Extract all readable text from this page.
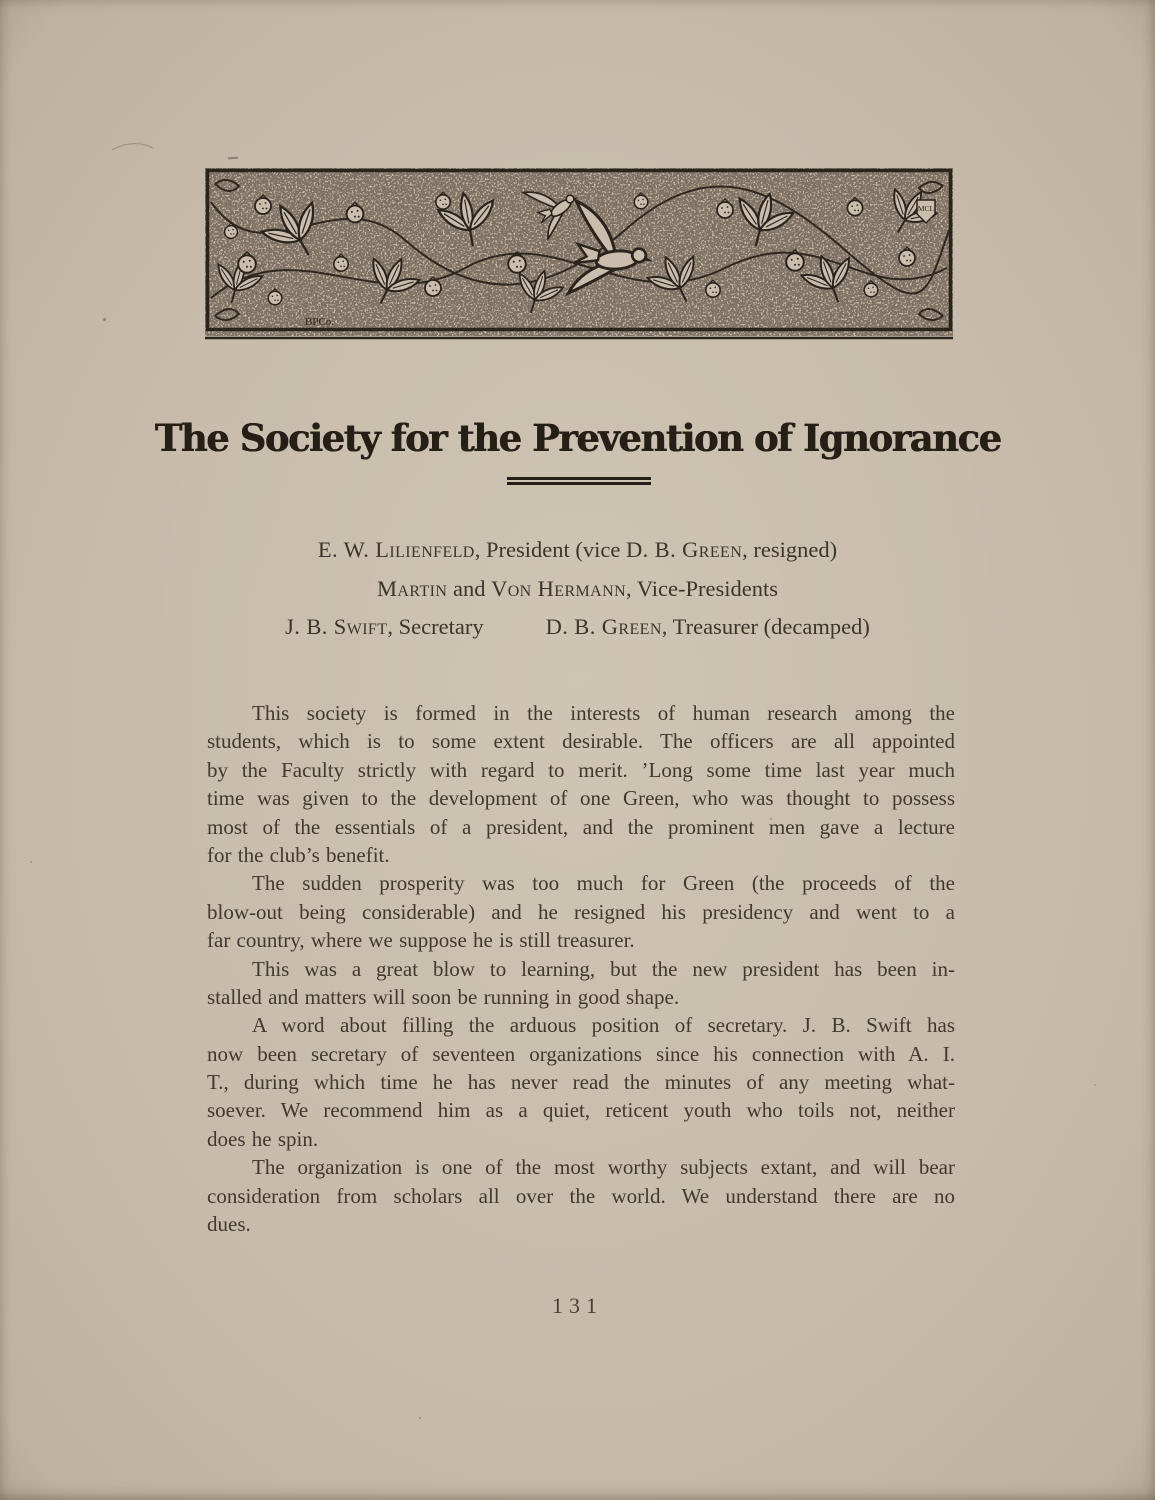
MCL
BPCo.
The Society for the Prevention of Ignorance
E. W. Lilienfeld, President (vice D. B. Green, resigned)
Martin and Von Hermann, Vice-Presidents
J. B. Swift, Secretary	D. B. Green, Treasurer (decamped)
This society is formed in the interests of human research among the
students, which is to some extent desirable. The officers are all appointed
by the Faculty strictly with regard to merit. ’Long some time last year much
time was given to the development of one Green, who was thought to possess
most of the essentials of a president, and the prominent men gave a lecture
for the club’s benefit.
The sudden prosperity was too much for Green (the proceeds of the
blow-out being considerable) and he resigned his presidency and went to a
far country, where we suppose he is still treasurer.
This was a great blow to learning, but the new president has been in-
stalled and matters will soon be running in good shape.
A word about filling the arduous position of secretary. J. B. Swift has
now been secretary of seventeen organizations since his connection with A. I.
T., during which time he has never read the minutes of any meeting what-
soever. We recommend him as a quiet, reticent youth who toils not, neither
does he spin.
The organization is one of the most worthy subjects extant, and will bear
consideration from scholars all over the world. We understand there are no
dues.
131
